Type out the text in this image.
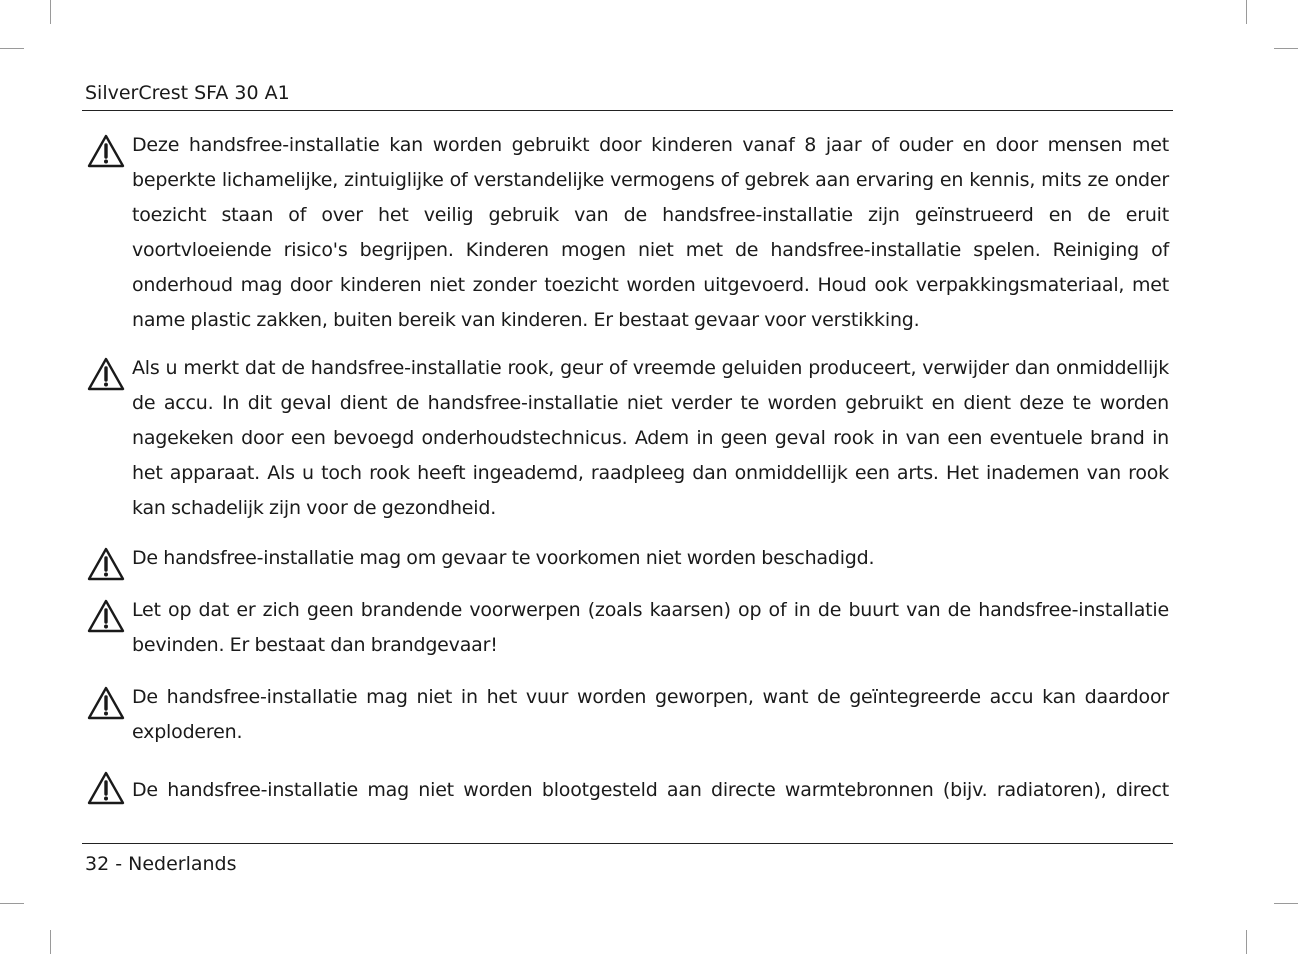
SilverCrest SFA 30 A1

Deze handsfree-installatie kan worden gebruikt door kinderen vanaf 8 jaar of ouder en door mensen met beperkte lichamelijke, zintuiglijke of verstandelijke vermogens of gebrek aan ervaring en kennis, mits ze onder toezicht staan of over het veilig gebruik van de handsfree-installatie zijn geïnstrueerd en de eruit voortvloeiende risico's begrijpen. Kinderen mogen niet met de handsfree-installatie spelen. Reiniging of onderhoud mag door kinderen niet zonder toezicht worden uitgevoerd. Houd ook verpakkingsmateriaal, met name plastic zakken, buiten bereik van kinderen. Er bestaat gevaar voor verstikking.

Als u merkt dat de handsfree-installatie rook, geur of vreemde geluiden produceert, verwijder dan onmiddellijk de accu. In dit geval dient de handsfree-installatie niet verder te worden gebruikt en dient deze te worden nagekeken door een bevoegd onderhoudstechnicus. Adem in geen geval rook in van een eventuele brand in het apparaat. Als u toch rook heeft ingeademd, raadpleeg dan onmiddellijk een arts. Het inademen van rook kan schadelijk zijn voor de gezondheid.

De handsfree-installatie mag om gevaar te voorkomen niet worden beschadigd.

Let op dat er zich geen brandende voorwerpen (zoals kaarsen) op of in de buurt van de handsfree-installatie bevinden. Er bestaat dan brandgevaar!

De handsfree-installatie mag niet in het vuur worden geworpen, want de geïntegreerde accu kan daardoor exploderen.

De handsfree-installatie mag niet worden blootgesteld aan directe warmtebronnen (bijv. radiatoren), direct

32 - Nederlands
